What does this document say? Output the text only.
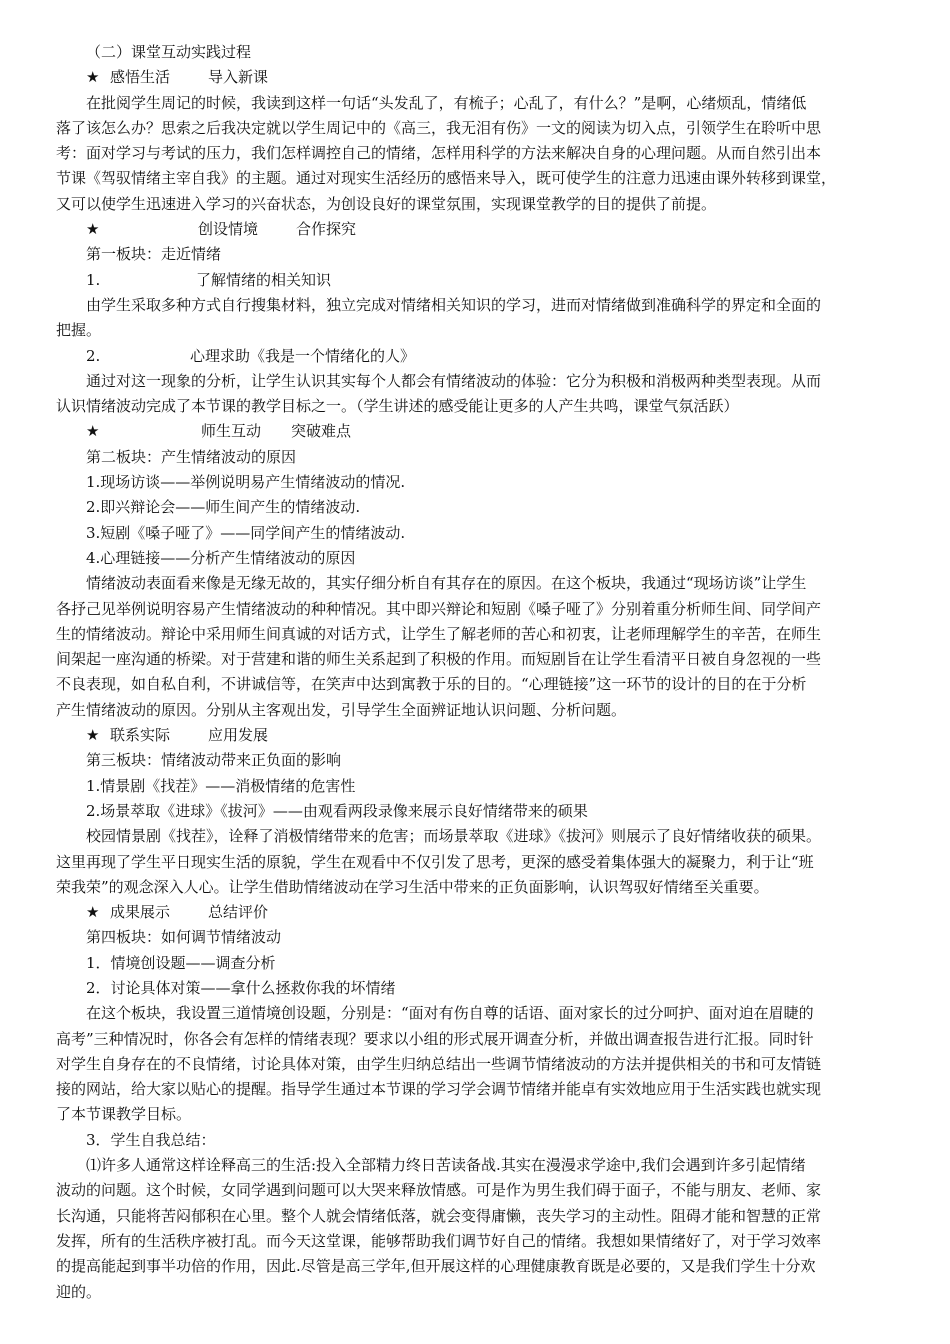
（二）课堂互动实践过程
★ 感悟生活	导入新课
在批阅学生周记的时候，我读到这样一句话“头发乱了，有梳子；心乱了，有什么？”是啊，心绪烦乱，情绪低
落了该怎么办？思索之后我决定就以学生周记中的《高三，我无泪有伤》一文的阅读为切入点，引领学生在聆听中思
考：面对学习与考试的压力，我们怎样调控自己的情绪，怎样用科学的方法来解决自身的心理问题。从而自然引出本
节课《驾驭情绪主宰自我》的主题。通过对现实生活经历的感悟来导入，既可使学生的注意力迅速由课外转移到课堂，
又可以使学生迅速进入学习的兴奋状态，为创设良好的课堂氛围，实现课堂教学的目的提供了前提。
★	创设情境	合作探究
第一板块：走近情绪
1.	了解情绪的相关知识
由学生采取多种方式自行搜集材料，独立完成对情绪相关知识的学习，进而对情绪做到准确科学的界定和全面的
把握。
2.	心理求助《我是一个情绪化的人》
通过对这一现象的分析，让学生认识其实每个人都会有情绪波动的体验：它分为积极和消极两种类型表现。从而
认识情绪波动完成了本节课的教学目标之一。（学生讲述的感受能让更多的人产生共鸣，课堂气氛活跃）
★	师生互动 突破难点
第二板块：产生情绪波动的原因
1.现场访谈——举例说明易产生情绪波动的情况.
2.即兴辩论会——师生间产生的情绪波动.
3.短剧《嗓子哑了》——同学间产生的情绪波动.
4.心理链接——分析产生情绪波动的原因
情绪波动表面看来像是无缘无故的，其实仔细分析自有其存在的原因。在这个板块，我通过“现场访谈”让学生
各抒己见举例说明容易产生情绪波动的种种情况。其中即兴辩论和短剧《嗓子哑了》分别着重分析师生间、同学间产
生的情绪波动。辩论中采用师生间真诚的对话方式，让学生了解老师的苦心和初衷，让老师理解学生的辛苦，在师生
间架起一座沟通的桥梁。对于营建和谐的师生关系起到了积极的作用。而短剧旨在让学生看清平日被自身忽视的一些
不良表现，如自私自利，不讲诚信等，在笑声中达到寓教于乐的目的。“心理链接”这一环节的设计的目的在于分析
产生情绪波动的原因。分别从主客观出发，引导学生全面辨证地认识问题、分析问题。
★ 联系实际	应用发展
第三板块：情绪波动带来正负面的影响
1.情景剧《找茬》——消极情绪的危害性
2.场景萃取《进球》《拔河》——由观看两段录像来展示良好情绪带来的硕果
校园情景剧《找茬》，诠释了消极情绪带来的危害；而场景萃取《进球》《拔河》则展示了良好情绪收获的硕果。
这里再现了学生平日现实生活的原貌，学生在观看中不仅引发了思考，更深的感受着集体强大的凝聚力，利于让“班
荣我荣”的观念深入人心。让学生借助情绪波动在学习生活中带来的正负面影响，认识驾驭好情绪至关重要。
★ 成果展示	总结评价
第四板块：如何调节情绪波动
1．情境创设题——调查分析
2．讨论具体对策——拿什么拯救你我的坏情绪
在这个板块，我设置三道情境创设题，分别是：“面对有伤自尊的话语、面对家长的过分呵护、面对迫在眉睫的
高考”三种情况时，你各会有怎样的情绪表现？要求以小组的形式展开调查分析，并做出调查报告进行汇报。同时针
对学生自身存在的不良情绪，讨论具体对策，由学生归纳总结出一些调节情绪波动的方法并提供相关的书和可友情链
接的网站，给大家以贴心的提醒。指导学生通过本节课的学习学会调节情绪并能卓有实效地应用于生活实践也就实现
了本节课教学目标。
3．学生自我总结：
⑴许多人通常这样诠释高三的生活:投入全部精力终日苦读备战.其实在漫漫求学途中,我们会遇到许多引起情绪
波动的问题。这个时候，女同学遇到问题可以大哭来释放情感。可是作为男生我们碍于面子，不能与朋友、老师、家
长沟通，只能将苦闷郁积在心里。整个人就会情绪低落，就会变得庸懒，丧失学习的主动性。阻碍才能和智慧的正常
发挥，所有的生活秩序被打乱。而今天这堂课，能够帮助我们调节好自己的情绪。我想如果情绪好了，对于学习效率
的提高能起到事半功倍的作用，因此.尽管是高三学年,但开展这样的心理健康教育既是必要的，又是我们学生十分欢
迎的。
